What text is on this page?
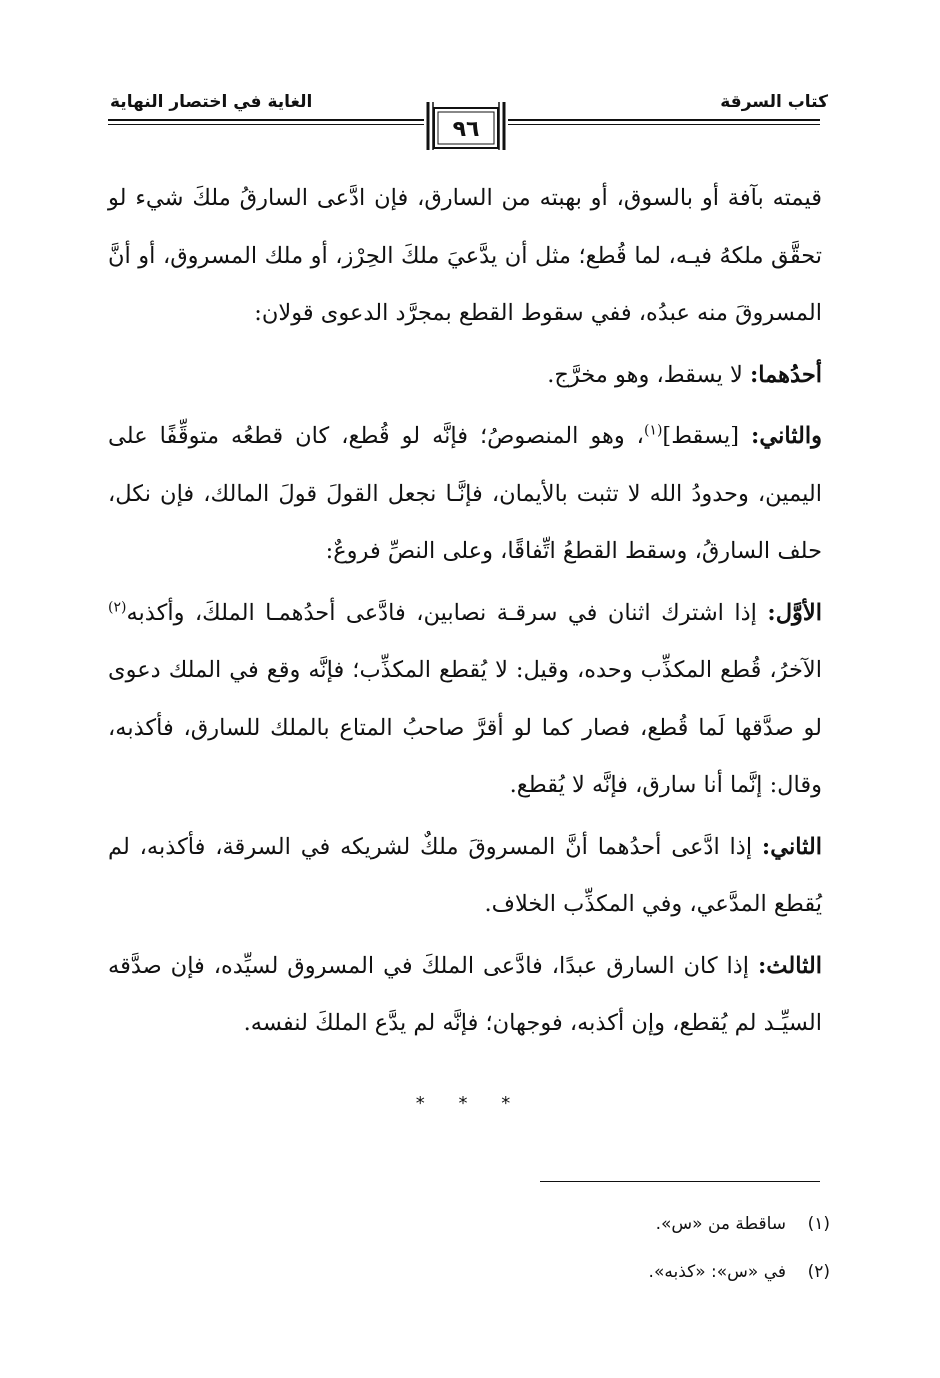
كتاب السرقة
الغاية في اختصار النهاية
٩٦

قيمته بآفة أو بالسوق، أو بهبته من السارق، فإن ادَّعى السارقُ ملكَ شيء لو تحقَّق ملكهُ فيـه، لما قُطع؛ مثل أن يدَّعيَ ملكَ الحِرْز، أو ملك المسروق، أو أنَّ المسروقَ منه عبدُه، ففي سقوط القطع بمجرَّد الدعوى قولان:

أحدُهما: لا يسقط، وهو مخرَّج.

والثاني: [يسقط]$^{(١)}$، وهو المنصوصُ؛ فإنَّه لو قُطع، كان قطعُه متوقِّفًا على اليمين، وحدودُ الله لا تثبت بالأيمان، فإنَّـا نجعل القولَ قولَ المالك، فإن نكل، حلف السارقُ، وسقط القطعُ اتِّفاقًا، وعلى النصِّ فروعٌ:

الأوَّل: إذا اشترك اثنان في سرقـة نصابين، فادَّعى أحدُهمـا الملكَ، وأكذبه$^{(٢)}$ الآخرُ، قُطع المكذِّب وحده، وقيل: لا يُقطع المكذِّب؛ فإنَّه وقع في الملك دعوى لو صدَّقها لَما قُطع، فصار كما لو أقرَّ صاحبُ المتاع بالملك للسارق، فأكذبه، وقال: إنَّما أنا سارق، فإنَّه لا يُقطع.

الثاني: إذا ادَّعى أحدُهما أنَّ المسروقَ ملكٌ لشريكه في السرقة، فأكذبه، لم يُقطع المدَّعي، وفي المكذِّب الخلاف.

الثالث: إذا كان السارق عبدًا، فادَّعى الملكَ في المسروق لسيِّده، فإن صدَّقه السيِّـد لم يُقطع، وإن أكذبه، فوجهان؛ فإنَّه لم يدَّع الملكَ لنفسه.

* * *
(١)ساقطة من «س».
(٢)في «س»: «كذبه».
